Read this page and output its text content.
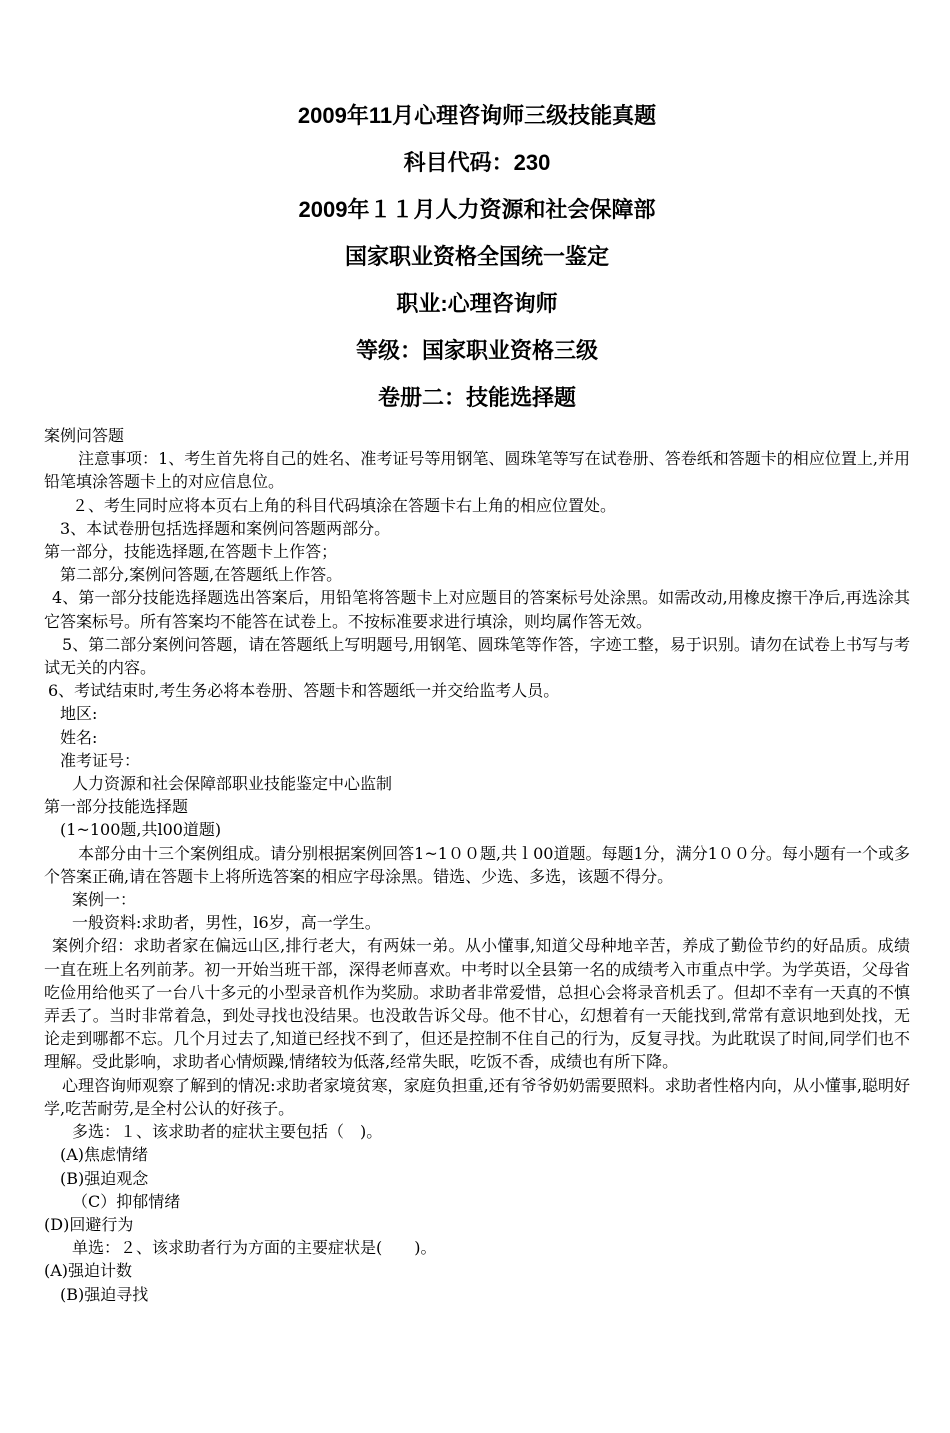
2009年11月心理咨询师三级技能真题

科目代码：230

2009年１１月人力资源和社会保障部

国家职业资格全国统一鉴定

职业:心理咨询师

等级：国家职业资格三级

卷册二：技能选择题

案例问答题

注意事项：1、考生首先将自己的姓名、准考证号等用钢笔、圆珠笔等写在试卷册、答卷纸和答题卡的相应位置上,并用铅笔填涂答题卡上的对应信息位。

２、考生同时应将本页右上角的科目代码填涂在答题卡右上角的相应位置处。

3、本试卷册包括选择题和案例问答题两部分。

第一部分，技能选择题,在答题卡上作答；

第二部分,案例问答题,在答题纸上作答。

4、第一部分技能选择题选出答案后，用铅笔将答题卡上对应题目的答案标号处涂黑。如需改动,用橡皮擦干净后,再选涂其它答案标号。所有答案均不能答在试卷上。不按标准要求进行填涂，则均属作答无效。

5、第二部分案例问答题，请在答题纸上写明题号,用钢笔、圆珠笔等作答，字迹工整，易于识别。请勿在试卷上书写与考试无关的内容。

6、考试结束时,考生务必将本卷册、答题卡和答题纸一并交给监考人员。

地区:

姓名:

准考证号：

人力资源和社会保障部职业技能鉴定中心监制

第一部分技能选择题

(1~100题,共l00道题)

本部分由十三个案例组成。请分别根据案例回答1~1００题,共ｌ00道题。每题1分，满分1００分。每小题有一个或多个答案正确,请在答题卡上将所选答案的相应字母涂黑。错选、少选、多选，该题不得分。

案例一：

一般资料:求助者，男性，l6岁，高一学生。

案例介绍：求助者家在偏远山区,排行老大，有两妹一弟。从小懂事,知道父母种地辛苦，养成了勤俭节约的好品质。成绩一直在班上名列前茅。初一开始当班干部，深得老师喜欢。中考时以全县第一名的成绩考入市重点中学。为学英语，父母省吃俭用给他买了一台八十多元的小型录音机作为奖励。求助者非常爱惜，总担心会将录音机丢了。但却不幸有一天真的不慎弄丢了。当时非常着急，到处寻找也没结果。也没敢告诉父母。他不甘心，幻想着有一天能找到,常常有意识地到处找，无论走到哪都不忘。几个月过去了,知道已经找不到了，但还是控制不住自己的行为，反复寻找。为此耽误了时间,同学们也不理解。受此影响，求助者心情烦躁,情绪较为低落,经常失眠，吃饭不香，成绩也有所下降。

心理咨询师观察了解到的情况:求助者家境贫寒，家庭负担重,还有爷爷奶奶需要照料。求助者性格内向，从小懂事,聪明好学,吃苦耐劳,是全村公认的好孩子。

多选：１、该求助者的症状主要包括（　)。

(A)焦虑情绪

(B)强迫观念

（C）抑郁情绪

(D)回避行为

单选：２、该求助者行为方面的主要症状是(　　)。

(A)强迫计数

(B)强迫寻找
